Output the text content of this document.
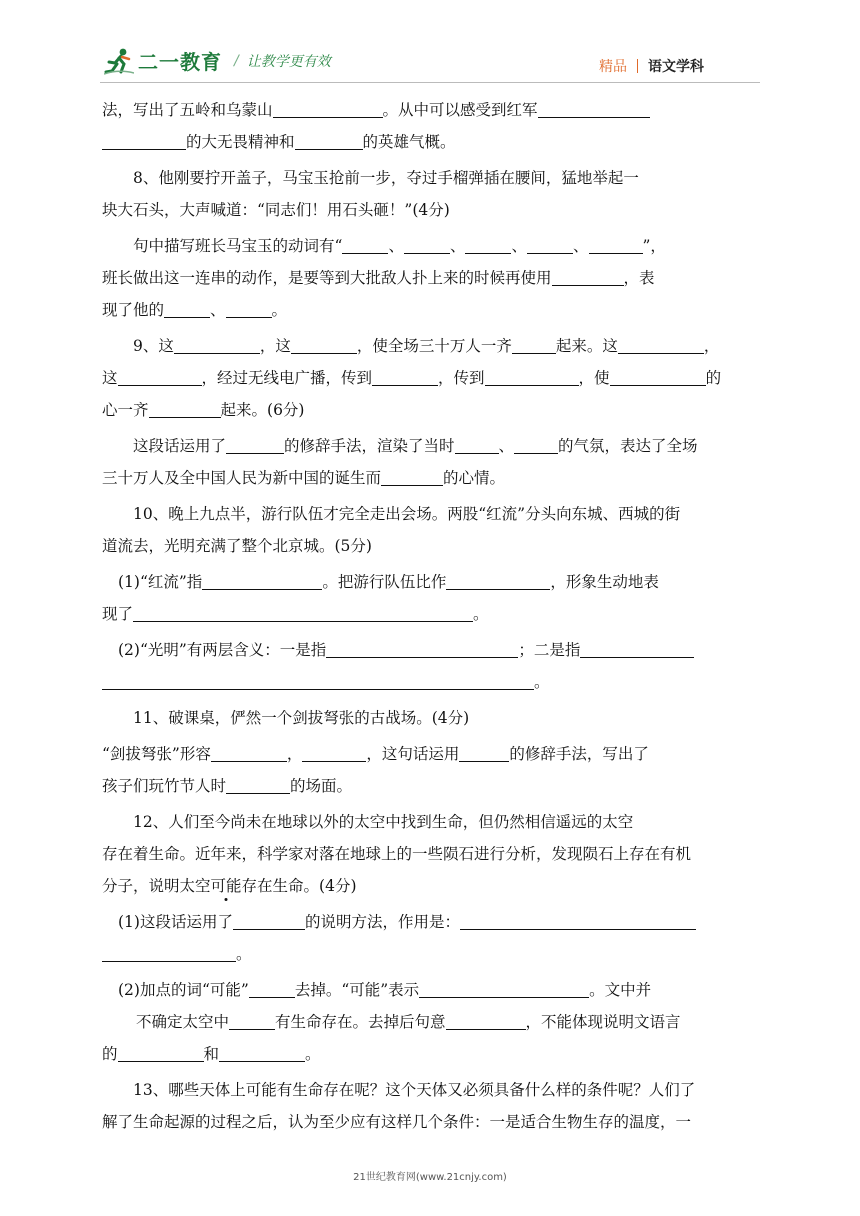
二一教育 / 让教学更有效	精品 语文学科
法，写出了五岭和乌蒙山	。从中可以感受到红军
的大无畏精神和	的英雄气概。
8、他刚要拧开盖子，马宝玉抢前一步，夺过手榴弹插在腰间，猛地举起一
块大石头，大声喊道：“同志们！用石头砸！”(4分)
句中描写班长马宝玉的动词有“	、	、	、	、	”，
班长做出这一连串的动作，是要等到大批敌人扑上来的时候再使用	，表
现了他的	、	。
9、这	，这	，使全场三十万人一齐	起来。这	，
这	，经过无线电广播，传到	，传到	，使	的
心一齐	起来。(6分)
这段话运用了	的修辞手法，渲染了当时	、	的气氛，表达了全场
三十万人及全中国人民为新中国的诞生而	的心情。
10、晚上九点半，游行队伍才完全走出会场。两股“红流”分头向东城、西城的街
道流去，光明充满了整个北京城。(5分)
(1)“红流”指	。把游行队伍比作	，形象生动地表
现了	。
(2)“光明”有两层含义：一是指	；二是指
。
11、破课桌，俨然一个剑拔弩张的古战场。(4分)
“剑拔弩张”形容	，	，这句话运用	的修辞手法，写出了
孩子们玩竹节人时	的场面。
12、人们至今尚未在地球以外的太空中找到生命，但仍然相信遥远的太空
存在着生命。近年来，科学家对落在地球上的一些陨石进行分析，发现陨石上存在有机
分子，说明太空可能存在生命。(4分)
(1)这段话运用了	的说明方法，作用是：
。
(2)加点的词“可能”	去掉。“可能”表示	。文中并
不确定太空中	有生命存在。去掉后句意	，不能体现说明文语言
的	和	。
13、哪些天体上可能有生命存在呢？这个天体又必须具备什么样的条件呢？人们了
解了生命起源的过程之后，认为至少应有这样几个条件：一是适合生物生存的温度，一
21世纪教育网(www.21cnjy.com)
